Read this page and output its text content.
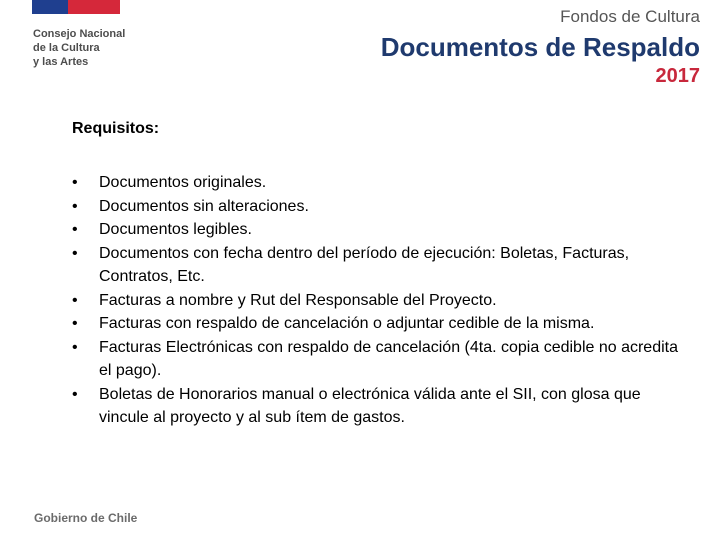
Consejo Nacional
de la Cultura
y las Artes
Fondos de Cultura
Documentos de Respaldo
2017
Requisitos:
• Documentos originales.
• Documentos sin alteraciones.
• Documentos legibles.
• Documentos con fecha dentro del período de ejecución: Boletas, Facturas, Contratos, Etc.
• Facturas a nombre y Rut del Responsable del Proyecto.
• Facturas con respaldo de cancelación o adjuntar cedible de la misma.
• Facturas Electrónicas con respaldo de cancelación (4ta. copia cedible no acredita el pago).
• Boletas de Honorarios manual o electrónica válida ante el SII, con glosa que vincule al proyecto y al sub ítem de gastos.
Gobierno de Chile
